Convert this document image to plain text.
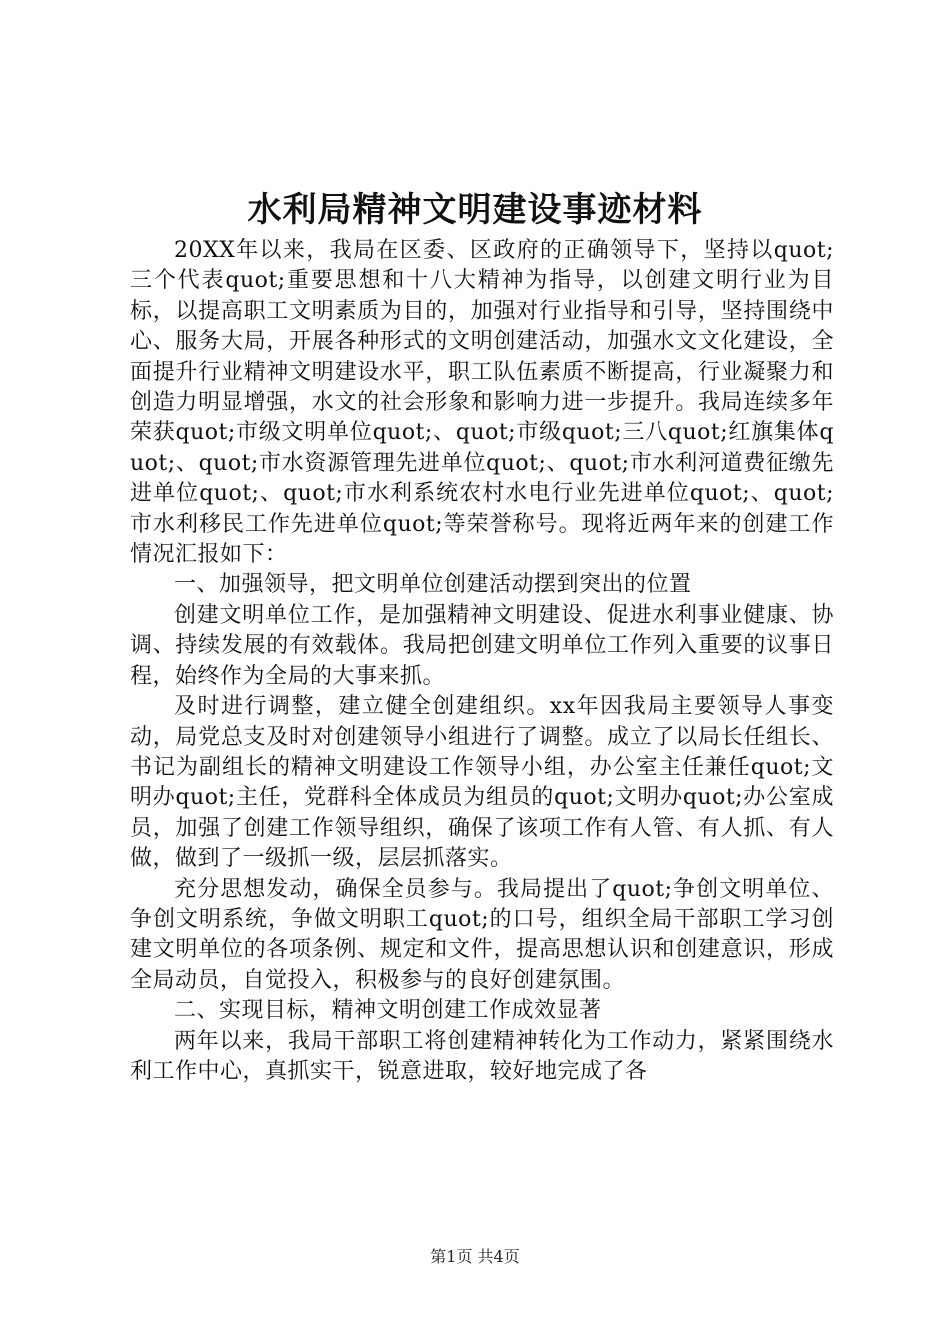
水利局精神文明建设事迹材料

20XX年以来，我局在区委、区政府的正确领导下，坚持以quot;三个代表quot;重要思想和十八大精神为指导，以创建文明行业为目标，以提高职工文明素质为目的，加强对行业指导和引导，坚持围绕中心、服务大局，开展各种形式的文明创建活动，加强水文文化建设，全面提升行业精神文明建设水平，职工队伍素质不断提高，行业凝聚力和创造力明显增强，水文的社会形象和影响力进一步提升。我局连续多年荣获quot;市级文明单位quot;、quot;市级quot;三八quot;红旗集体quot;、quot;市水资源管理先进单位quot;、quot;市水利河道费征缴先进单位quot;、quot;市水利系统农村水电行业先进单位quot;、quot;市水利移民工作先进单位quot;等荣誉称号。现将近两年来的创建工作情况汇报如下：

一、加强领导，把文明单位创建活动摆到突出的位置

创建文明单位工作，是加强精神文明建设、促进水利事业健康、协调、持续发展的有效载体。我局把创建文明单位工作列入重要的议事日程，始终作为全局的大事来抓。

及时进行调整，建立健全创建组织。xx年因我局主要领导人事变动，局党总支及时对创建领导小组进行了调整。成立了以局长任组长、书记为副组长的精神文明建设工作领导小组，办公室主任兼任quot;文明办quot;主任，党群科全体成员为组员的quot;文明办quot;办公室成员，加强了创建工作领导组织，确保了该项工作有人管、有人抓、有人做，做到了一级抓一级，层层抓落实。

充分思想发动，确保全员参与。我局提出了quot;争创文明单位、争创文明系统，争做文明职工quot;的口号，组织全局干部职工学习创建文明单位的各项条例、规定和文件，提高思想认识和创建意识，形成全局动员，自觉投入，积极参与的良好创建氛围。

二、实现目标，精神文明创建工作成效显著

两年以来，我局干部职工将创建精神转化为工作动力，紧紧围绕水利工作中心，真抓实干，锐意进取，较好地完成了各

第1页 共4页
